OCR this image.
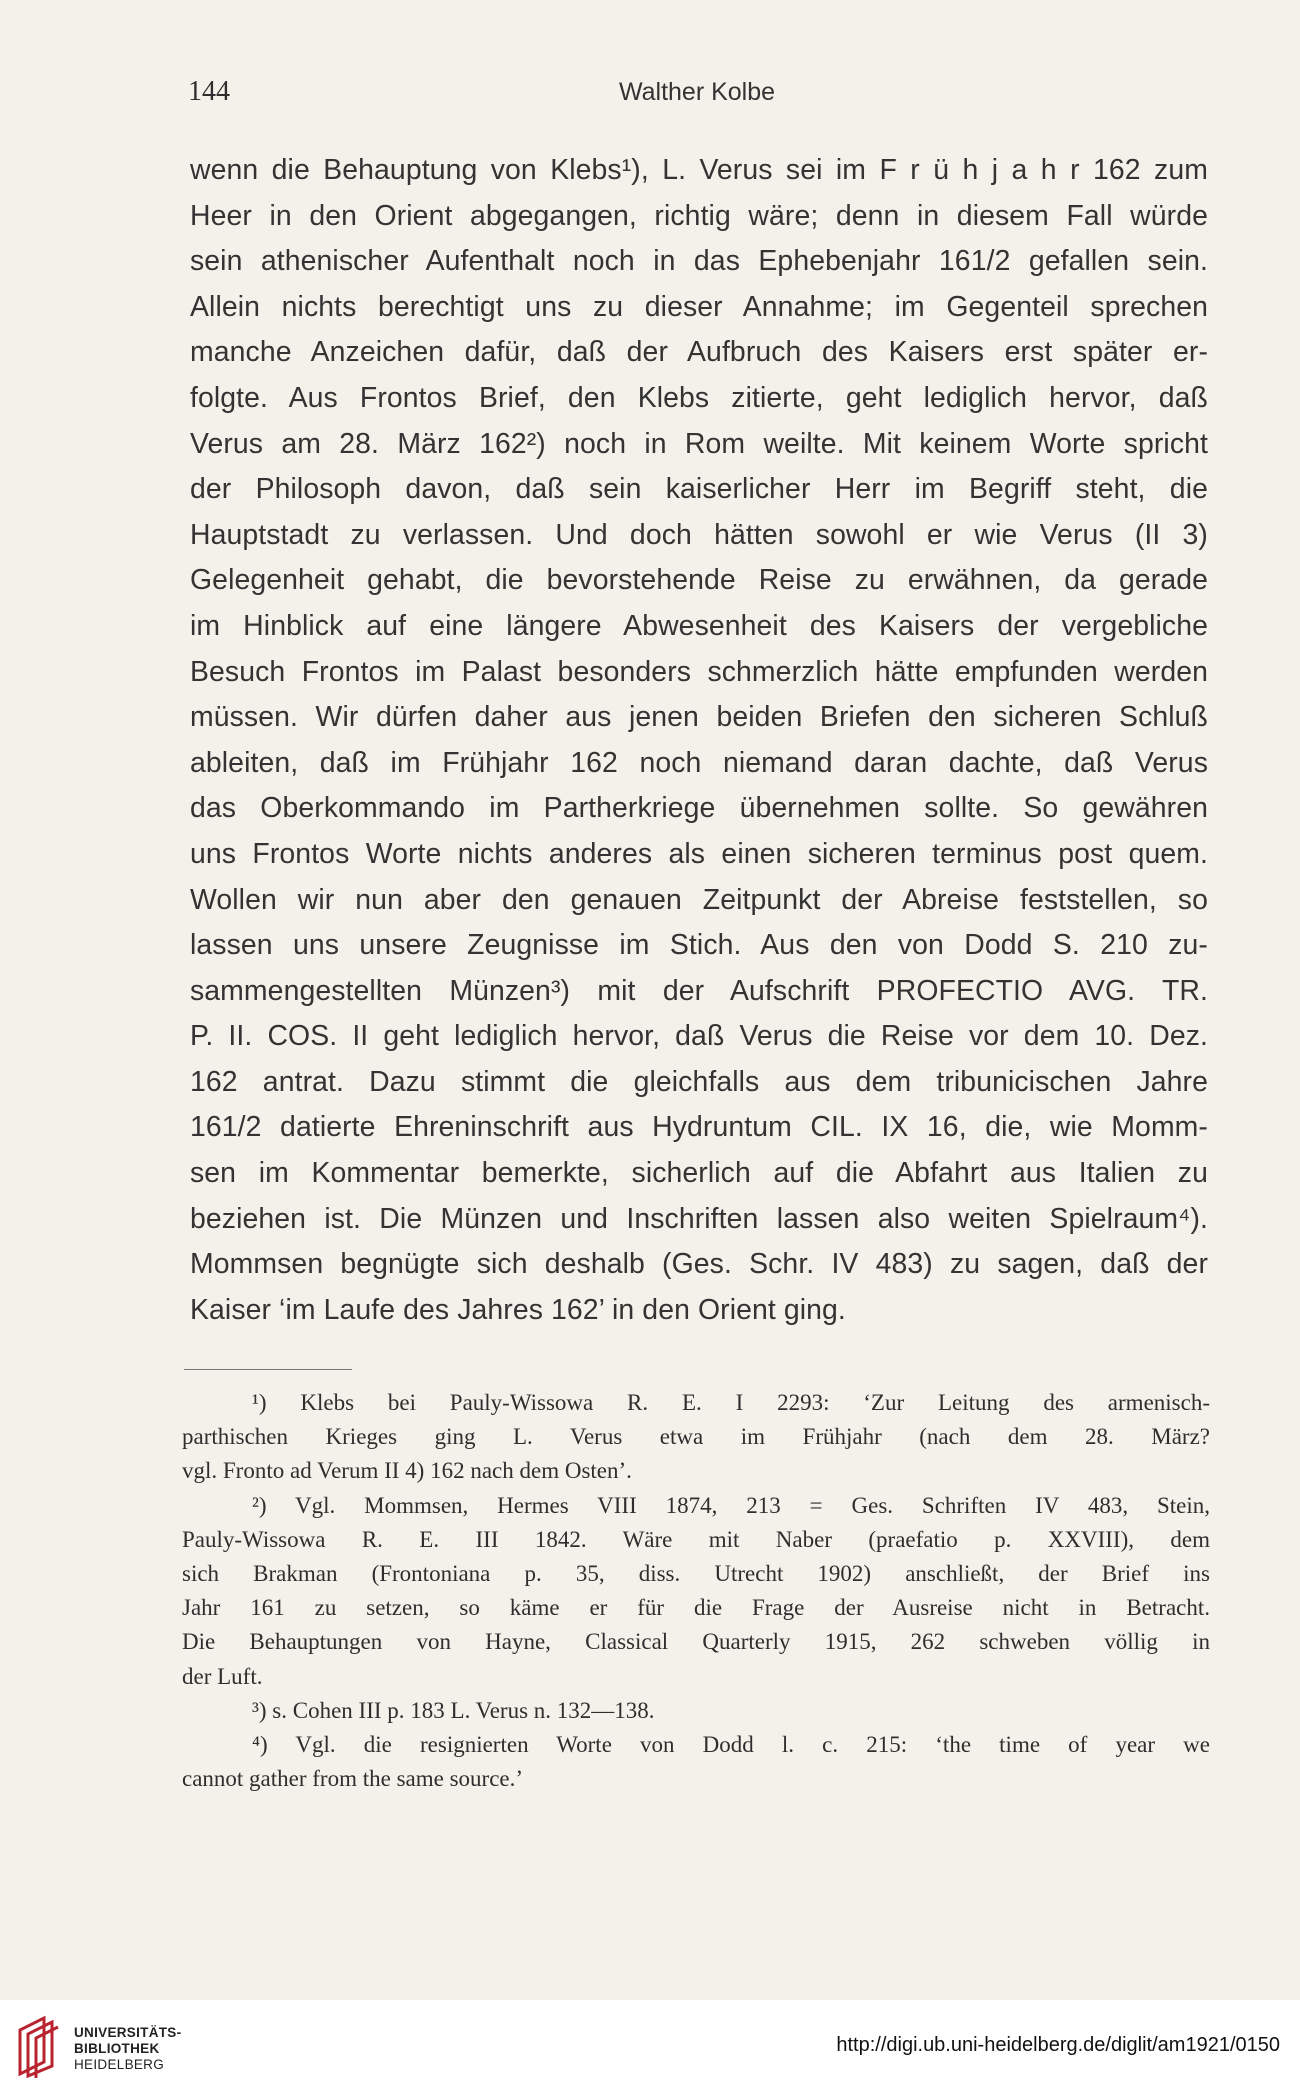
144	Walther Kolbe
wenn die Behauptung von Klebs¹), L. Verus sei im F r ü h j a h r 162 zum
Heer in den Orient abgegangen, richtig wäre; denn in diesem Fall würde
sein athenischer Aufenthalt noch in das Ephebenjahr 161/2 gefallen sein.
Allein nichts berechtigt uns zu dieser Annahme; im Gegenteil sprechen
manche Anzeichen dafür, daß der Aufbruch des Kaisers erst später er-
folgte. Aus Frontos Brief, den Klebs zitierte, geht lediglich hervor, daß
Verus am 28. März 162²) noch in Rom weilte. Mit keinem Worte spricht
der Philosoph davon, daß sein kaiserlicher Herr im Begriff steht, die
Hauptstadt zu verlassen. Und doch hätten sowohl er wie Verus (II 3)
Gelegenheit gehabt, die bevorstehende Reise zu erwähnen, da gerade
im Hinblick auf eine längere Abwesenheit des Kaisers der vergebliche
Besuch Frontos im Palast besonders schmerzlich hätte empfunden werden
müssen. Wir dürfen daher aus jenen beiden Briefen den sicheren Schluß
ableiten, daß im Frühjahr 162 noch niemand daran dachte, daß Verus
das Oberkommando im Partherkriege übernehmen sollte. So gewähren
uns Frontos Worte nichts anderes als einen sicheren terminus post quem.
Wollen wir nun aber den genauen Zeitpunkt der Abreise feststellen, so
lassen uns unsere Zeugnisse im Stich. Aus den von Dodd S. 210 zu-
sammengestellten Münzen³) mit der Aufschrift PROFECTIO AVG. TR.
P. II. COS. II geht lediglich hervor, daß Verus die Reise vor dem 10. Dez.
162 antrat. Dazu stimmt die gleichfalls aus dem tribunicischen Jahre
161/2 datierte Ehreninschrift aus Hydruntum CIL. IX 16, die, wie Momm-
sen im Kommentar bemerkte, sicherlich auf die Abfahrt aus Italien zu
beziehen ist. Die Münzen und Inschriften lassen also weiten Spielraum⁴).
Mommsen begnügte sich deshalb (Ges. Schr. IV 483) zu sagen, daß der
Kaiser ‘im Laufe des Jahres 162’ in den Orient ging.
¹) Klebs bei Pauly-Wissowa R. E. I 2293: ‘Zur Leitung des armenisch-
parthischen Krieges ging L. Verus etwa im Frühjahr (nach dem 28. März?
vgl. Fronto ad Verum II 4) 162 nach dem Osten’.
²) Vgl. Mommsen, Hermes VIII 1874, 213 = Ges. Schriften IV 483, Stein,
Pauly-Wissowa R. E. III 1842. Wäre mit Naber (praefatio p. XXVIII), dem
sich Brakman (Frontoniana p. 35, diss. Utrecht 1902) anschließt, der Brief ins
Jahr 161 zu setzen, so käme er für die Frage der Ausreise nicht in Betracht.
Die Behauptungen von Hayne, Classical Quarterly 1915, 262 schweben völlig in
der Luft.
³) s. Cohen III p. 183 L. Verus n. 132—138.
⁴) Vgl. die resignierten Worte von Dodd l. c. 215: ‘the time of year we
cannot gather from the same source.’
UNIVERSITÄTS-
BIBLIOTHEK
HEIDELBERG
http://digi.ub.uni-heidelberg.de/diglit/am1921/0150
